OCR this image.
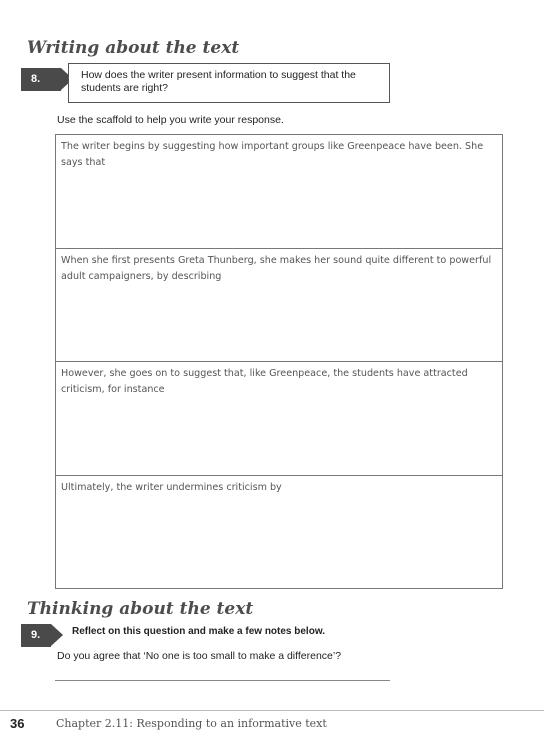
Writing about the text
8.	How does the writer present information to suggest that the students are right?
Use the scaffold to help you write your response.
The writer begins by suggesting how important groups like Greenpeace have been. She says that
When she first presents Greta Thunberg, she makes her sound quite different to powerful adult campaigners, by describing
However, she goes on to suggest that, like Greenpeace, the students have attracted criticism, for instance
Ultimately, the writer undermines criticism by
Thinking about the text
9.	Reflect on this question and make a few notes below.
Do you agree that ‘No one is too small to make a difference’?
36	Chapter 2.11: Responding to an informative text
